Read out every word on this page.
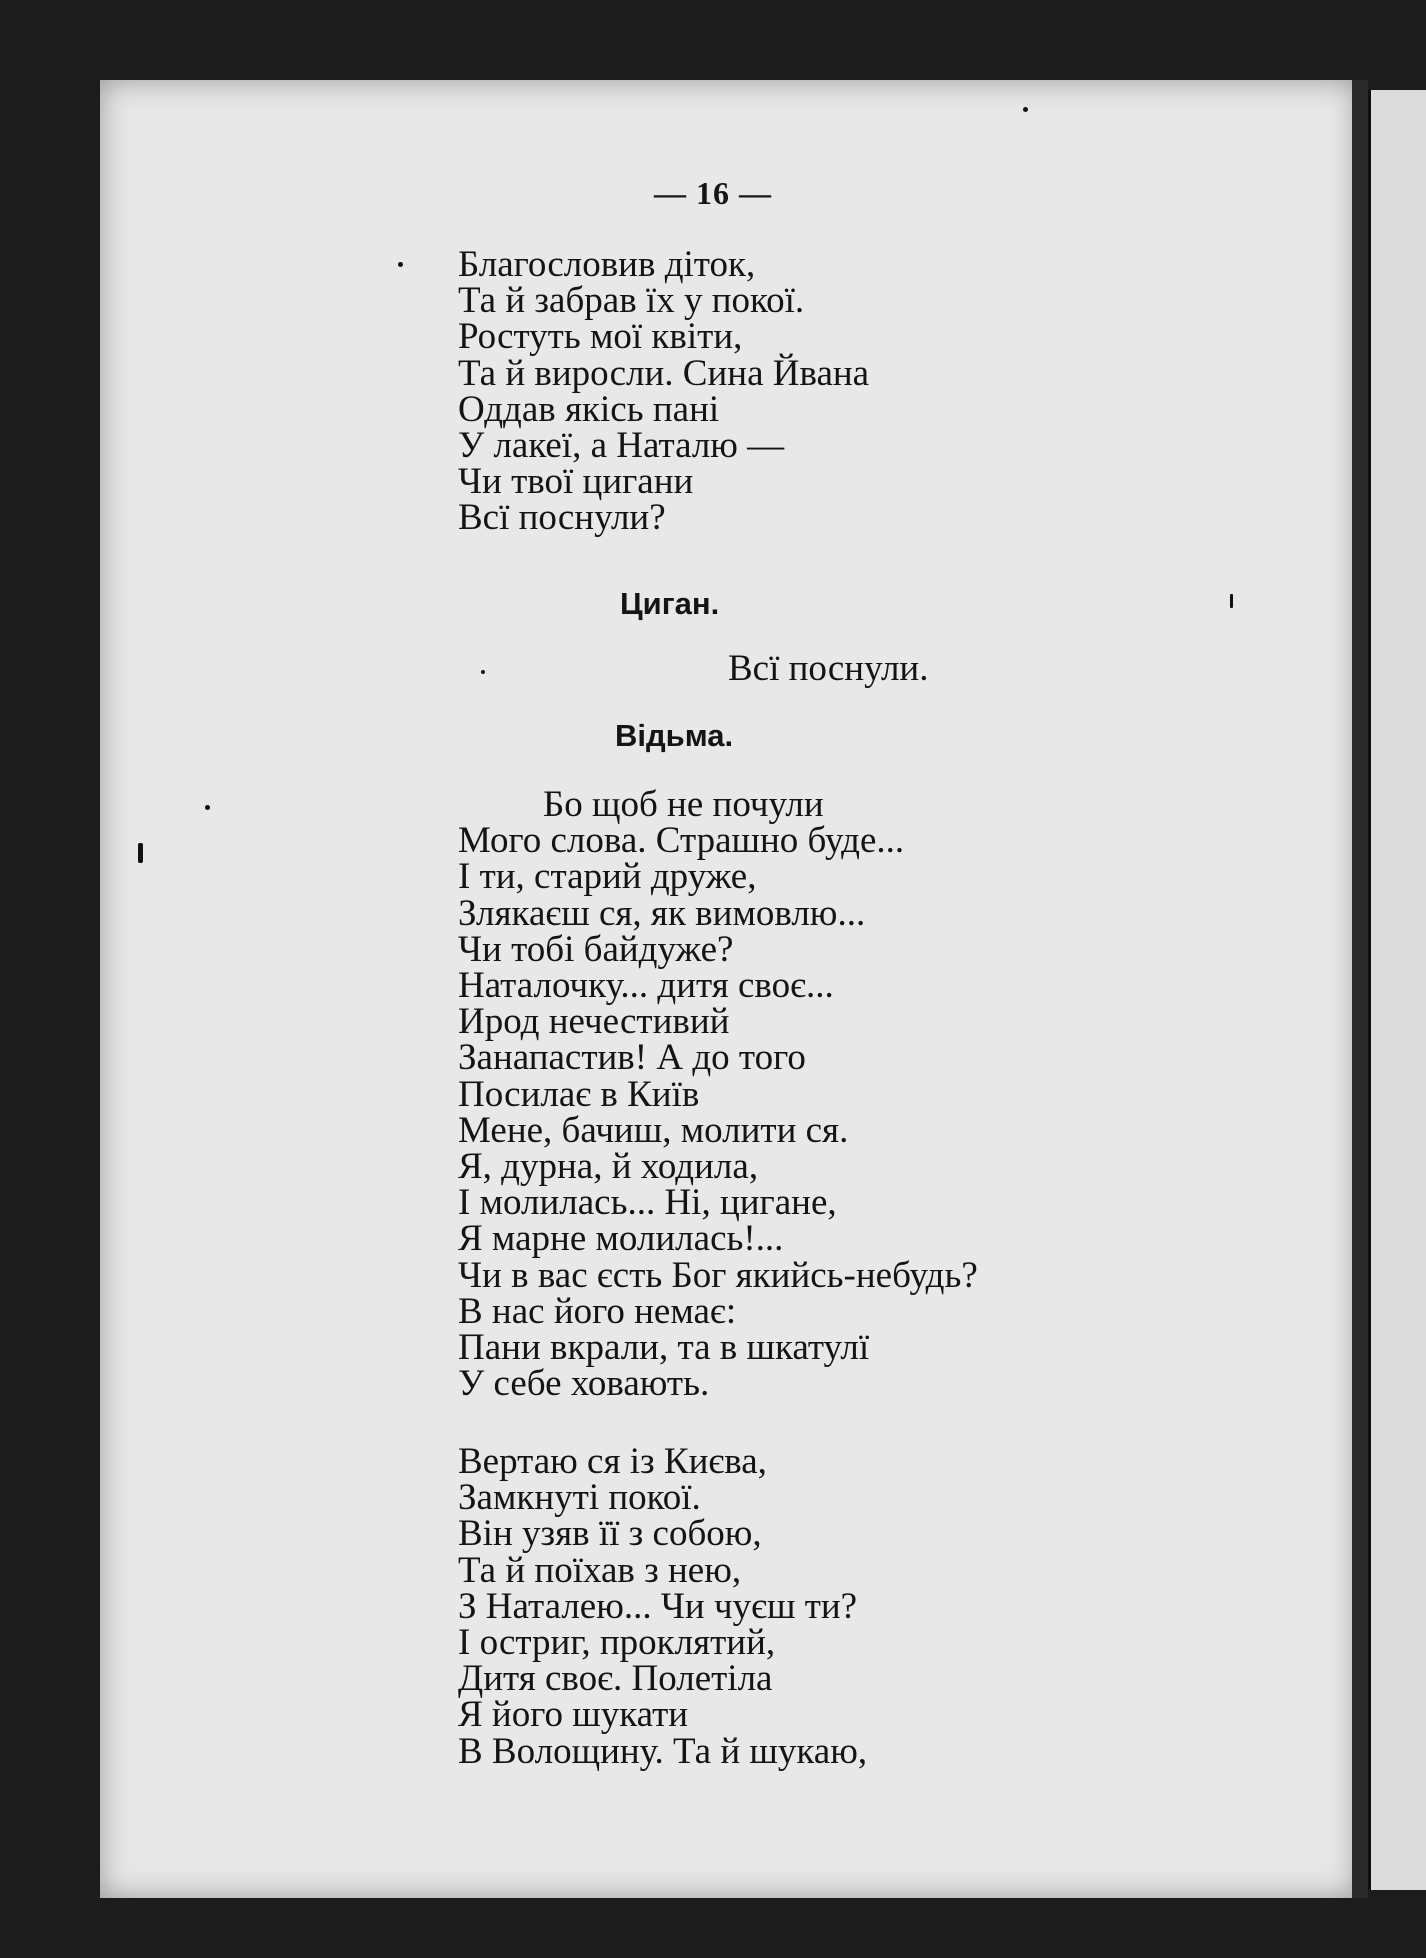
— 16 —
Благословив діток,
Та й забрав їх у покої.
Ростуть мої квіти,
Та й виросли. Сина Йвана
Оддав якісь пані
У лакеї, а Наталю —
Чи твої цигани
Всї поснули?
Циган.
Всї поснули.
Відьма.
Бо щоб не почули
Мого слова. Страшно буде...
І ти, старий друже,
Злякаєш ся, як вимовлю...
Чи тобі байдуже?
Наталочку... дитя своє...
Ирод нечестивий
Занапастив! А до того
Посилає в Київ
Мене, бачиш, молити ся.
Я, дурна, й ходила,
І молилась... Ні, цигане,
Я марне молилась!...
Чи в вас єсть Бог якийсь-небудь?
В нас його немає:
Пани вкрали, та в шкатулї
У себе ховають.
Вертаю ся із Києва,
Замкнуті покої.
Він узяв її з собою,
Та й поїхав з нею,
З Наталею... Чи чуєш ти?
І остриг, проклятий,
Дитя своє. Полетіла
Я його шукати
В Волощину. Та й шукаю,
